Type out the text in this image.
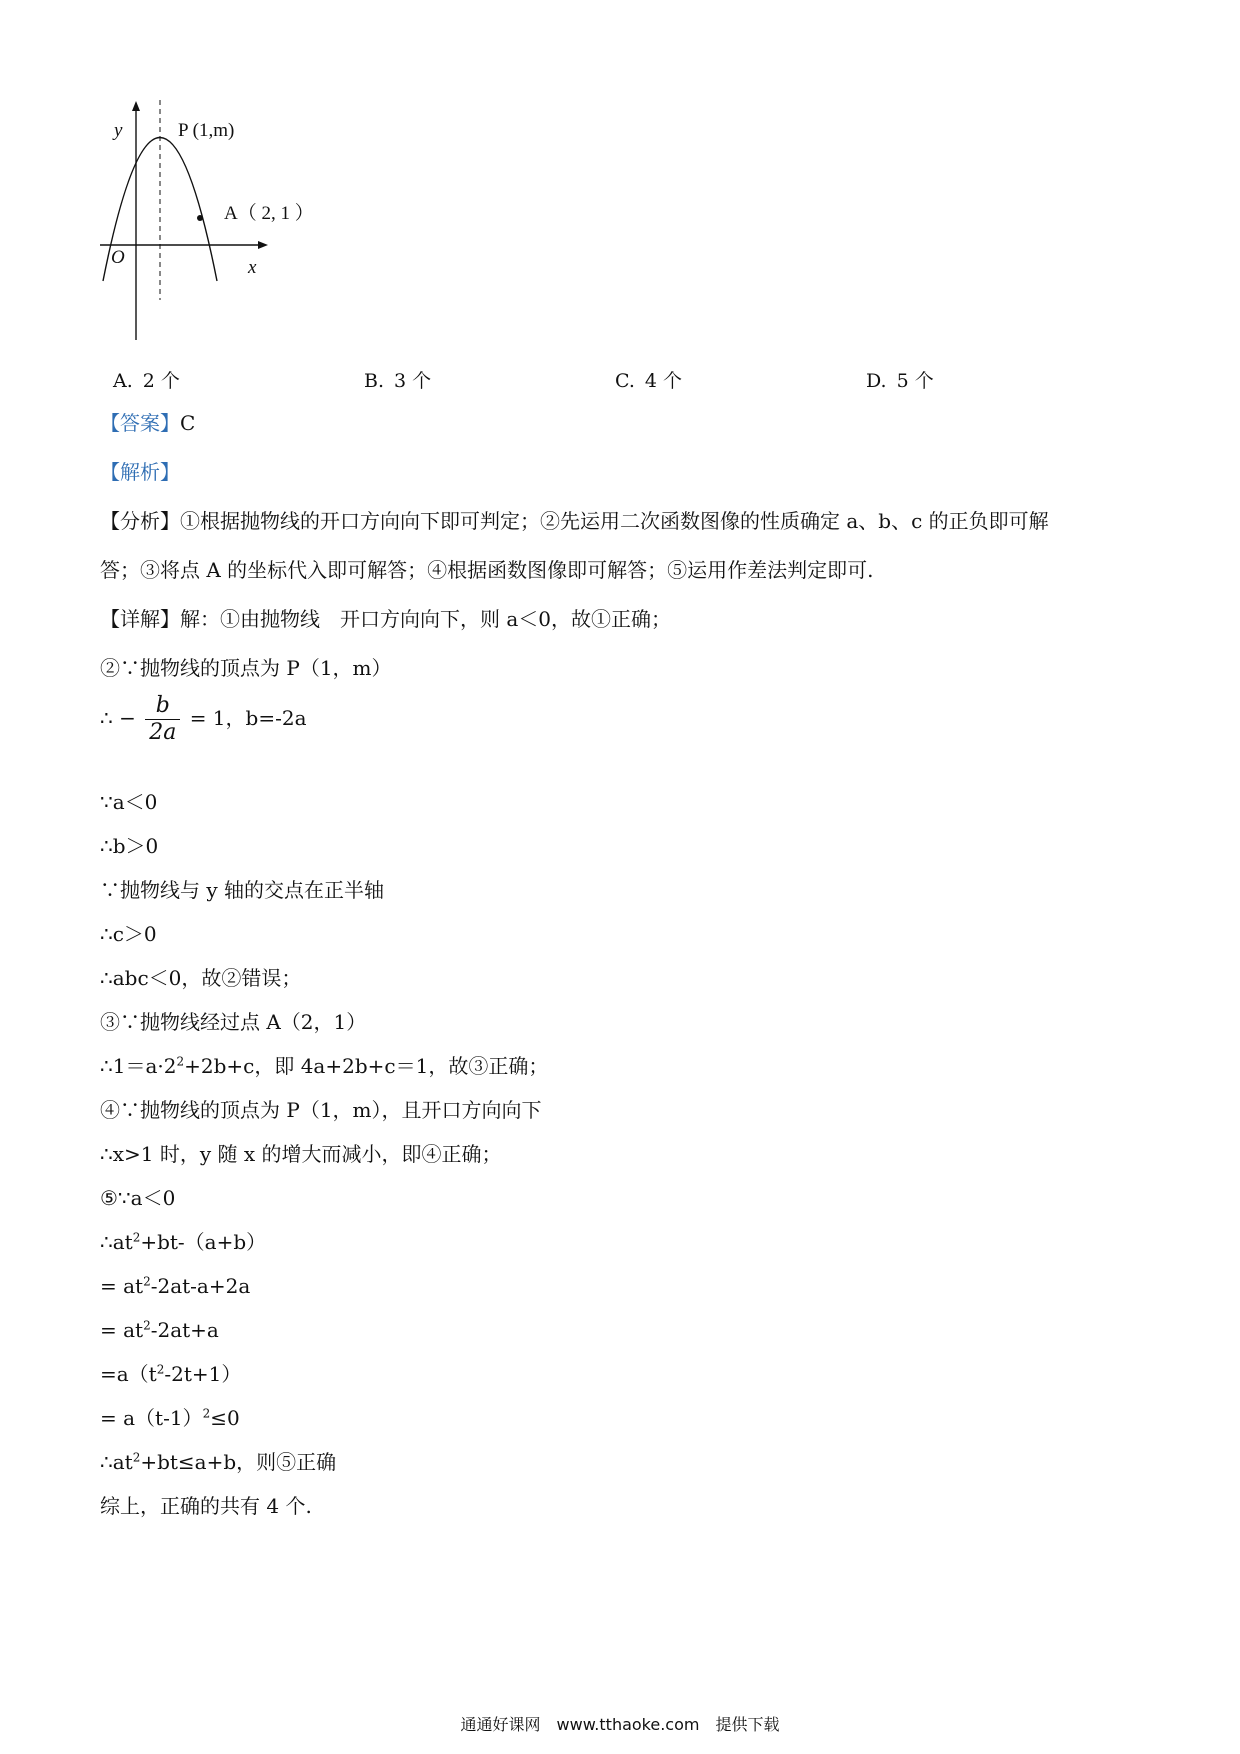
y
x
O
P (1,m)
A（ 2, 1 ）
A. 2 个	B. 3 个	C. 4 个	D. 5 个
【答案】C
【解析】
【分析】①根据抛物线的开口方向向下即可判定；②先运用二次函数图像的性质确定 a、b、c 的正负即可解
答；③将点 A 的坐标代入即可解答；④根据函数图像即可解答；⑤运用作差法判定即可.
【详解】解：①由抛物线　开口方向向下，则 a＜0，故①正确；
②∵抛物线的顶点为 P（1，m）
∴ − $\frac{b}{2a} = 1$，b=-2a
∵a＜0
∴b＞0
∵抛物线与 y 轴的交点在正半轴
∴c＞0
∴abc＜0，故②错误；
③∵抛物线经过点 A（2，1）
$\therefore 1=a\cdot 2^2+2b+c$，即 4a+2b+c＝1，故③正确；
④∵抛物线的顶点为 P（1，m），且开口方向向下
∴x>1 时，y 随 x 的增大而减小，即④正确；
⑤∵a＜0
$\therefore at^2+bt-(a+b)$
= $at^2-2at-a+2a$
= $at^2-2at+a$
$=a(t^2-2t+1)$
= $a(t-1)^2\le 0$
$\therefore at^2+bt\le a+b$，则⑤正确
综上，正确的共有 4 个.
通通好课网　www.tthaoke.com　提供下载
